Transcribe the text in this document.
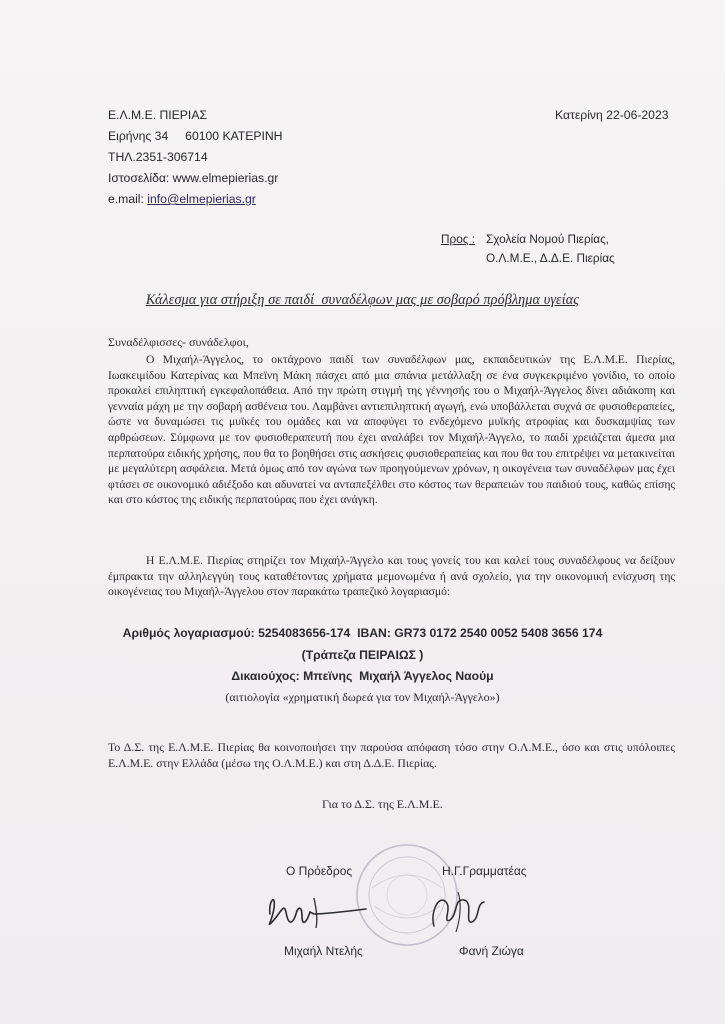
Ε.Λ.Μ.Ε. ΠΙΕΡΙΑΣ
Ειρήνης 34     60100 ΚΑΤΕΡΙΝΗ
ΤΗΛ.2351-306714
Ιστοσελίδα: www.elmepierias.gr
e.mail: info@elmepierias.gr
Κατερίνη 22-06-2023
Προς : Σχολεία Νομού Πιερίας,
Ο.Λ.Μ.Ε., Δ.Δ.Ε. Πιερίας
Κάλεσμα για στήριξη σε παιδί  συναδέλφων μας με σοβαρό πρόβλημα υγείας
Συναδέλφισσες- συνάδελφοι,

Ο Μιχαήλ-Άγγελος, το οκτάχρονο παιδί των συναδέλφων μας, εκπαιδευτικών της Ε.Λ.Μ.Ε. Πιερίας, Ιωακειμίδου Κατερίνας και Μπεϊνη Μάκη πάσχει από μια σπάνια μετάλλαξη σε ένα συγκεκριμένο γονίδιο, το οποίο προκαλεί επιληπτική εγκεφαλοπάθεια. Από την πρώτη στιγμή της γέννησής του ο Μιχαήλ-Άγγελος δίνει αδιάκοπη και γενναία μάχη με την σοβαρή ασθένεια του. Λαμβάνει αντιεπιληπτική αγωγή, ενώ υποβάλλεται συχνά σε φυσιοθεραπείες, ώστε να δυναμώσει τις μυϊκές του ομάδες και να αποφύγει το ενδεχόμενο μυϊκής ατροφίας και δυσκαμψίας των αρθρώσεων. Σύμφωνα με τον φυσιοθεραπευτή που έχει αναλάβει τον Μιχαήλ-Άγγελο, το παιδί χρειάζεται άμεσα μια περπατούρα ειδικής χρήσης, που θα το βοηθήσει στις ασκήσεις φυσιοθεραπείας και που θα του επιτρέψει να μετακινείται με μεγαλύτερη ασφάλεια. Μετά όμως από τον αγώνα των προηγούμενων χρόνων, η οικογένεια των συναδέλφων μας έχει φτάσει σε οικονομικό αδιέξοδο και αδυνατεί να ανταπεξέλθει στο κόστος των θεραπειών του παιδιού τους, καθώς επίσης και στο κόστος της ειδικής περπατούρας που έχει ανάγκη.

Η Ε.Λ.Μ.Ε. Πιερίας στηρίζει τον Μιχαήλ-Άγγελο και τους γονείς του και καλεί τους συναδέλφους να δείξουν έμπρακτα την αλληλεγγύη τους καταθέτοντας χρήματα μεμονωμένα ή ανά σχολείο, για την οικονομική ενίσχυση της οικογένειας του Μιχαήλ-Άγγελου στον παρακάτω τραπεζικό λογαριασμό:

Αριθμός λογαριασμού: 5254083656-174  IBAN: GR73 0172 2540 0052 5408 3656 174
(Τράπεζα ΠΕΙΡΑΙΩΣ )
Δικαιούχος: Μπεϊνης  Μιχαήλ Άγγελος Ναούμ
(αιτιολογία «χρηματική δωρεά για τον Μιχαήλ-Άγγελο»)

Το Δ.Σ. της Ε.Λ.Μ.Ε. Πιερίας θα κοινοποιήσει την παρούσα απόφαση τόσο στην Ο.Λ.Μ.Ε., όσο και στις υπόλοιπες Ε.Λ.Μ.Ε. στην Ελλάδα (μέσω της Ο.Λ.Μ.Ε.) και στη Δ.Δ.Ε. Πιερίας.

Για το Δ.Σ. της Ε.Λ.Μ.Ε.
Ο Πρόεδρος	Η.Γ.Γραμματέας
Μιχαήλ Ντελής	Φανή Ζιώγα
